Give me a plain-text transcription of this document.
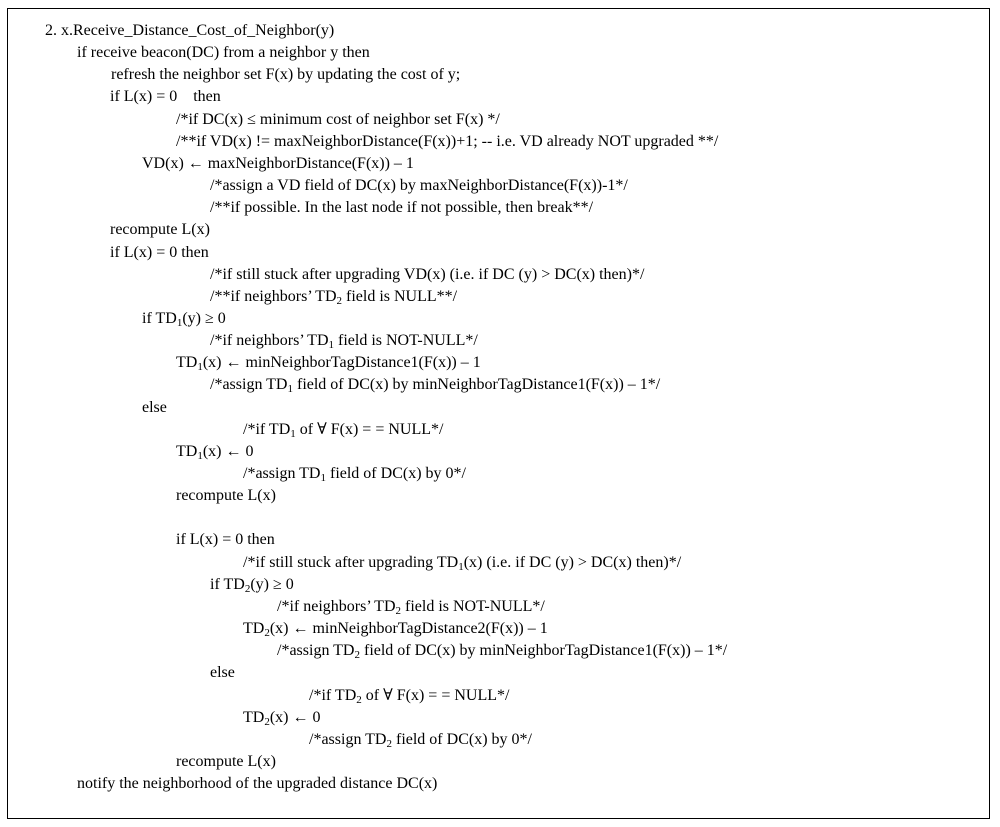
2. x.Receive_Distance_Cost_of_Neighbor(y)
if receive beacon(DC) from a neighbor y then
refresh the neighbor set F(x) by updating the cost of y;
if L(x) = 0    then
/*if DC(x) ≤ minimum cost of neighbor set F(x) */
/**if VD(x) != maxNeighborDistance(F(x))+1; -- i.e. VD already NOT upgraded **/
VD(x) ← maxNeighborDistance(F(x)) – 1
/*assign a VD field of DC(x) by maxNeighborDistance(F(x))-1*/
/**if possible. In the last node if not possible, then break**/
recompute L(x)
if L(x) = 0 then
/*if still stuck after upgrading VD(x) (i.e. if DC (y) > DC(x) then)*/
/**if neighbors’ $TD_2$ field is NULL**/
if $TD_1(y) \ge 0$
/*if neighbors’ $TD_1$ field is NOT-NULL*/
$TD_1(x)$ ← minNeighborTagDistance1(F(x)) – 1
/*assign $TD_1$ field of DC(x) by minNeighborTagDistance1(F(x)) – 1*/
else
/*if $TD_1$ of ∀ F(x) = = NULL*/
$TD_1(x)$ ← 0
/*assign $TD_1$ field of DC(x) by 0*/
recompute L(x)
if L(x) = 0 then
/*if still stuck after upgrading $TD_1(x)$ (i.e. if DC (y) > DC(x) then)*/
if $TD_2(y) \ge 0$
/*if neighbors’ $TD_2$ field is NOT-NULL*/
$TD_2(x)$ ← minNeighborTagDistance2(F(x)) – 1
/*assign $TD_2$ field of DC(x) by minNeighborTagDistance1(F(x)) – 1*/
else
/*if $TD_2$ of ∀ F(x) = = NULL*/
$TD_2(x)$ ← 0
/*assign $TD_2$ field of DC(x) by 0*/
recompute L(x)
notify the neighborhood of the upgraded distance DC(x)
